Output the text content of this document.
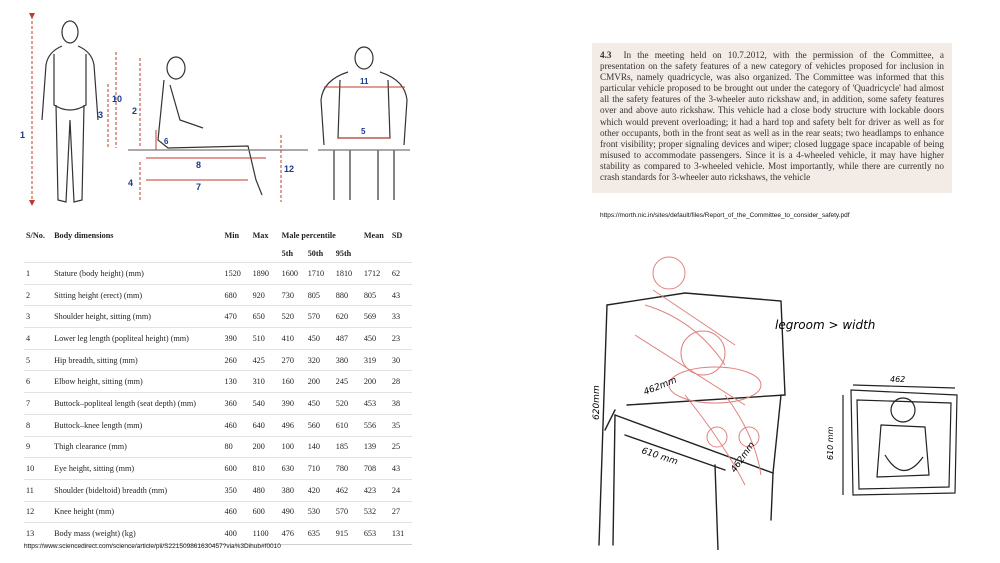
1
10
2
3
4
6
8
7
12
11
5
S/No.	Body dimensions	Min	Max	Male percentile			Mean	SD
				5th	50th	95th		
1	Stature (body height) (mm)	1520	1890	1600	1710	1810	1712	62
2	Sitting height (erect) (mm)	680	920	730	805	880	805	43
3	Shoulder height, sitting (mm)	470	650	520	570	620	569	33
4	Lower leg length (popliteal height) (mm)	390	510	410	450	487	450	23
5	Hip breadth, sitting (mm)	260	425	270	320	380	319	30
6	Elbow height, sitting (mm)	130	310	160	200	245	200	28
7	Buttock–popliteal length (seat depth) (mm)	360	540	390	450	520	453	38
8	Buttock–knee length (mm)	460	640	496	560	610	556	35
9	Thigh clearance (mm)	80	200	100	140	185	139	25
10	Eye height, sitting (mm)	600	810	630	710	780	708	43
11	Shoulder (bideltoid) breadth (mm)	350	480	380	420	462	423	24
12	Knee height (mm)	460	600	490	530	570	532	27
13	Body mass (weight) (kg)	400	1100	476	635	915	653	131
https://www.sciencedirect.com/science/article/pii/S221509861630457?via%3Dihub#f0010
4.3 In the meeting held on 10.7.2012, with the permission of the Committee, a presentation on the safety features of a new category of vehicles proposed for inclusion in CMVRs, namely quadricycle, was also organized. The Committee was informed that this particular vehicle proposed to be brought out under the category of 'Quadricycle' had almost all the safety features of the 3-wheeler auto rickshaw and, in addition, some safety features over and above auto rickshaw. This vehicle had a close body structure with lockable doors which would prevent overloading; it had a hard top and safety belt for driver as well as for other occupants, both in the front seat as well as in the rear seats; two headlamps to enhance front visibility; proper signaling devices and wiper; closed luggage space incapable of being misused to accommodate passengers. Since it is a 4-wheeled vehicle, it may have higher stability as compared to 3-wheeled vehicle. Most importantly, while there are currently no crash standards for 3-wheeler auto rickshaws, the vehicle
https://morth.nic.in/sites/default/files/Report_of_the_Committee_to_consider_safety.pdf
legroom > width
620mm	462mm
610 mm	462mm
462
610 mm
